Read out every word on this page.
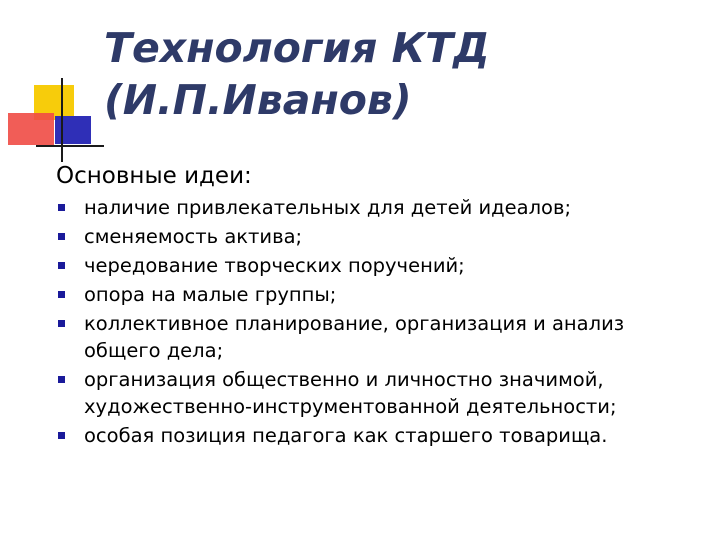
Технология КТД
(И.П.Иванов)
Основные идеи:
наличие привлекательных для детей идеалов;
сменяемость актива;
чередование творческих поручений;
опора на малые группы;
коллективное планирование, организация и анализ общего дела;
организация общественно и личностно значимой, художественно-инструментованной деятельности;
особая позиция педагога как старшего товарища.
